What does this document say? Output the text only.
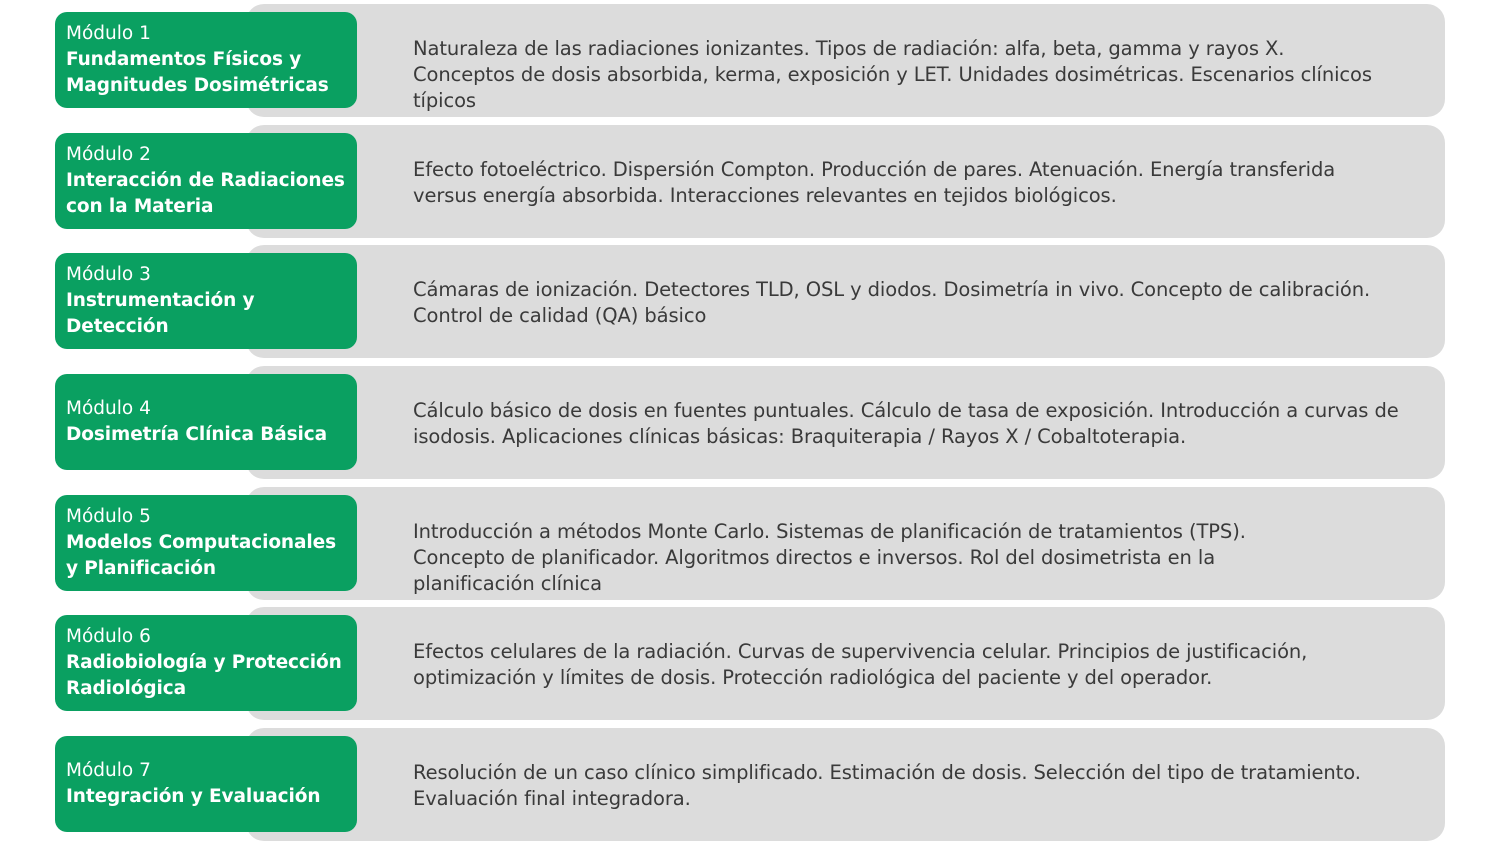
Naturaleza de las radiaciones ionizantes. Tipos de radiación: alfa, beta, gamma y rayos X. Conceptos de dosis absorbida, kerma, exposición y LET. Unidades dosimétricas. Escenarios clínicos típicos
Módulo 1
Fundamentos Físicos y Magnitudes Dosimétricas
Efecto fotoeléctrico. Dispersión Compton. Producción de pares. Atenuación. Energía transferida versus energía absorbida. Interacciones relevantes en tejidos biológicos.
Módulo 2
Interacción de Radiaciones con la Materia
Cámaras de ionización. Detectores TLD, OSL y diodos. Dosimetría in vivo. Concepto de calibración. Control de calidad (QA) básico
Módulo 3
Instrumentación y Detección
Cálculo básico de dosis en fuentes puntuales. Cálculo de tasa de exposición. Introducción a curvas de isodosis. Aplicaciones clínicas básicas: Braquiterapia / Rayos X / Cobaltoterapia.
Módulo 4
Dosimetría Clínica Básica
Introducción a métodos Monte Carlo. Sistemas de planificación de tratamientos (TPS). Concepto de planificador. Algoritmos directos e inversos. Rol del dosimetrista en la planificación clínica
Módulo 5
Modelos Computacionales y Planificación
Efectos celulares de la radiación. Curvas de supervivencia celular. Principios de justificación, optimización y límites de dosis. Protección radiológica del paciente y del operador.
Módulo 6
Radiobiología y Protección Radiológica
Resolución de un caso clínico simplificado. Estimación de dosis. Selección del tipo de tratamiento. Evaluación final integradora.
Módulo 7
Integración y Evaluación
